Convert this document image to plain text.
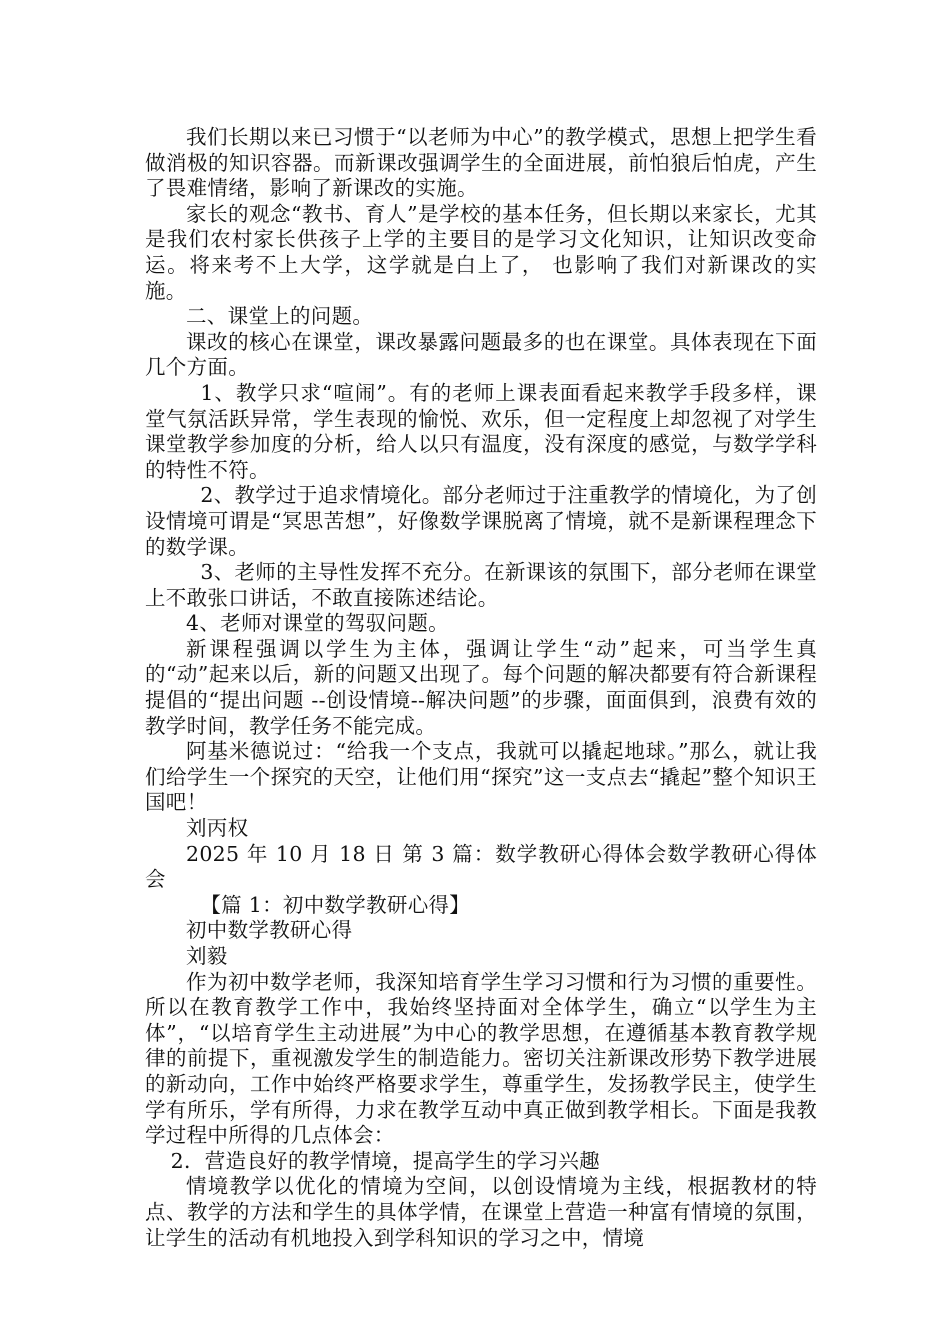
我们长期以来已习惯于“以老师为中心”的教学模式，思想上把学生看做消极的知识容器。而新课改强调学生的全面进展，前怕狼后怕虎，产生了畏难情绪，影响了新课改的实施。

家长的观念“教书、育人”是学校的基本任务，但长期以来家长，尤其是我们农村家长供孩子上学的主要目的是学习文化知识，让知识改变命运。将来考不上大学，这学就是白上了， 也影响了我们对新课改的实施。

二、课堂上的问题。

课改的核心在课堂，课改暴露问题最多的也在课堂。具体表现在下面几个方面。

1、教学只求“喧闹”。有的老师上课表面看起来教学手段多样，课堂气氛活跃异常，学生表现的愉悦、欢乐，但一定程度上却忽视了对学生课堂教学参加度的分析，给人以只有温度，没有深度的感觉，与数学学科的特性不符。

2、教学过于追求情境化。部分老师过于注重教学的情境化，为了创设情境可谓是“冥思苦想”，好像数学课脱离了情境，就不是新课程理念下的数学课。

3、老师的主导性发挥不充分。在新课该的氛围下，部分老师在课堂上不敢张口讲话，不敢直接陈述结论。

4、老师对课堂的驾驭问题。

新课程强调以学生为主体，强调让学生“动”起来，可当学生真的“动”起来以后，新的问题又出现了。每个问题的解决都要有符合新课程提倡的“提出问题 --创设情境--解决问题”的步骤，面面俱到，浪费有效的教学时间，教学任务不能完成。

阿基米德说过：“给我一个支点，我就可以撬起地球。”那么，就让我们给学生一个探究的天空，让他们用“探究”这一支点去“撬起”整个知识王国吧！

刘丙权

2025 年 10 月 18 日 第 3 篇：数学教研心得体会数学教研心得体会

【篇 1：初中数学教研心得】

初中数学教研心得

刘毅

作为初中数学老师，我深知培育学生学习习惯和行为习惯的重要性。所以在教育教学工作中，我始终坚持面对全体学生，确立“以学生为主体”，“以培育学生主动进展”为中心的教学思想，在遵循基本教育教学规律的前提下，重视激发学生的制造能力。密切关注新课改形势下教学进展的新动向，工作中始终严格要求学生，尊重学生，发扬教学民主，使学生学有所乐，学有所得，力求在教学互动中真正做到教学相长。下面是我教学过程中所得的几点体会：

2．营造良好的教学情境，提高学生的学习兴趣

情境教学以优化的情境为空间，以创设情境为主线，根据教材的特点、教学的方法和学生的具体学情，在课堂上营造一种富有情境的氛围，让学生的活动有机地投入到学科知识的学习之中，情境
